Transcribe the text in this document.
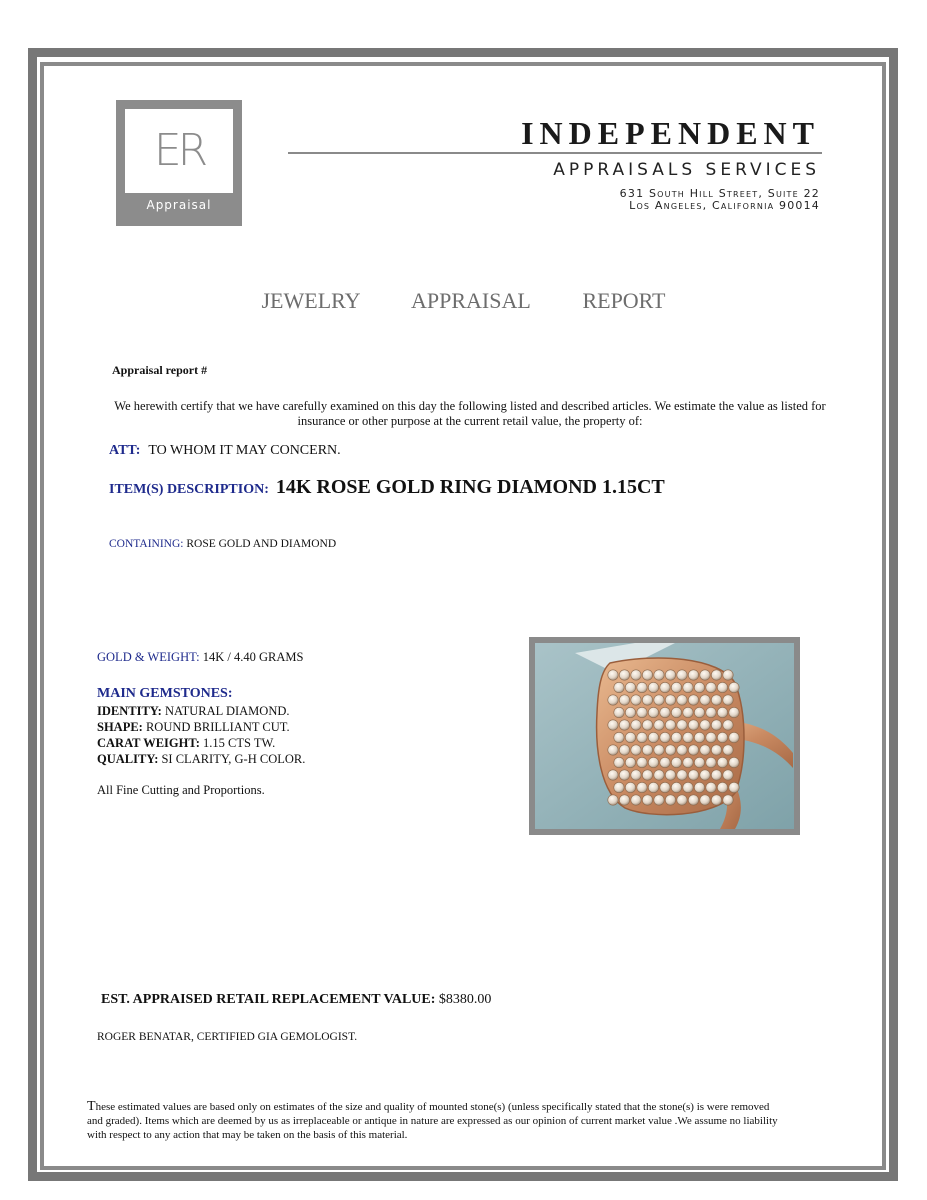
ER
Appraisal
INDEPENDENT
APPRAISALS SERVICES
631 South Hill Street, Suite 22
Los Angeles, California 90014
JEWELRY   APPRAISAL   REPORT
Appraisal report #
We herewith certify that we have carefully examined on this day the following listed and described articles. We estimate the value as listed for insurance or other purpose at the current retail value, the property of:
ATT: TO WHOM IT MAY CONCERN.
ITEM(S) DESCRIPTION: 14K ROSE GOLD RING DIAMOND 1.15CT
CONTAINING: ROSE GOLD AND DIAMOND
GOLD & WEIGHT: 14K / 4.40 GRAMS
MAIN GEMSTONES:
IDENTITY: NATURAL DIAMOND.
SHAPE: ROUND BRILLIANT CUT.
CARAT WEIGHT: 1.15 CTS TW.
QUALITY: SI CLARITY, G-H COLOR.
All Fine Cutting and Proportions.
EST. APPRAISED RETAIL REPLACEMENT VALUE: $8380.00
ROGER BENATAR, CERTIFIED GIA GEMOLOGIST.
These estimated values are based only on estimates of the size and quality of mounted stone(s) (unless specifically stated that the stone(s) is were removed and graded). Items which are deemed by us as irreplaceable or antique in nature are expressed as our opinion of current market value .We assume no liability with respect to any action that may be taken on the basis of this material.
